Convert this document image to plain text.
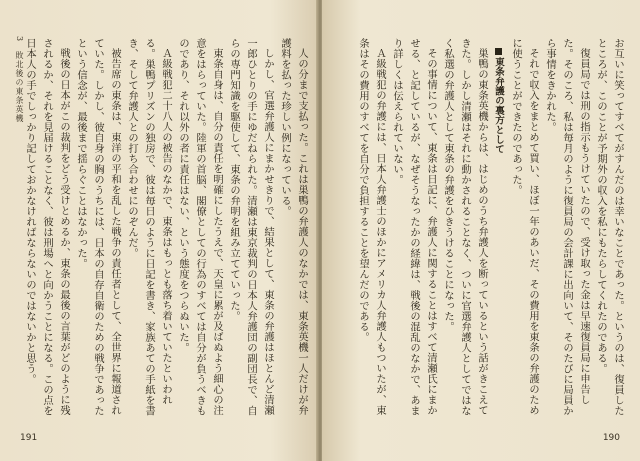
3　敗北後の東条英機	人の分まで支払った。これは巣鴨の弁護人のなかでは、東条英機一人だけが弁護料を払った珍しい例になっている。

しかし、官選弁護人にまかせきりで、結果として、東条の弁護はほとんど清瀬一郎ひとりの手にゆだねられた。清瀬は東京裁判の日本人弁護団の副団長で、自らの専門知識を駆使して、東条の弁明を組み立てていった。

東条自身は、自分の責任を明確にしたうえで、天皇に累が及ばぬよう細心の注意をはらっていた。陸軍の首脳、閣僚としての行為のすべては自分が負うべきものであり、それ以外の者に責任はない、という態度をつらぬいた。

Ａ級戦犯二十八人の被告のなかで、東条はもっとも落ち着いていたといわれる。巣鴨プリズンの独房で、彼は毎日のように日記を書き、家族あての手紙を書き、そして弁護人との打ち合わせにのぞんだ。

被告席の東条は、東洋の平和を乱した戦争の責任者として、全世界に報道されていた。しかし、彼自身の胸のうちには、日本の自存自衛のための戦争であったという信念が、最後まで揺らぐことはなかった。

戦後の日本がこの裁判をどう受けとめるか、東条の最後の言葉がどのように残されるか、それを見届けることなく、彼は刑場へと向かうことになる。この点を日本人の手でしっかり記しておかなければならないのではないかと思う。

191

お互いに笑ってすべてがすんだのは幸いなことであった。というのは、復員したところが、このことが予期外の収入を私にもたらしてくれたのである。

復員局では刑の指示もうけていたので、受け取った金は早速復員局に申告した。そのころ、私は毎月のように復員局の会計課に出向いて、そのたびに局員から事情をきかれた。

それで収入をまとめて買い、ほぼ一年のあいだ、その費用を東条の弁護のために使うことができたのであった。

東条弁護の裏方として

巣鴨の東条英機からは、はじめのうち弁護人を断っているという話がきこえてきた。しかし清瀬はそれに動かされることなく、ついに官選弁護人としてではなく私選の弁護人として東条の弁護をひきうけることになった。

その事情について、東条は日記に、弁護人に関することはすべて清瀬氏にまかせる、と記しているが、なぜそうなったかの経緯は、戦後の混乱のなかで、あまり詳しくは伝えられていない。

Ａ級戦犯の弁護には、日本人弁護士のほかにアメリカ人弁護人もついたが、東条はその費用のすべてを自分で負担することを望んだのである。

190
